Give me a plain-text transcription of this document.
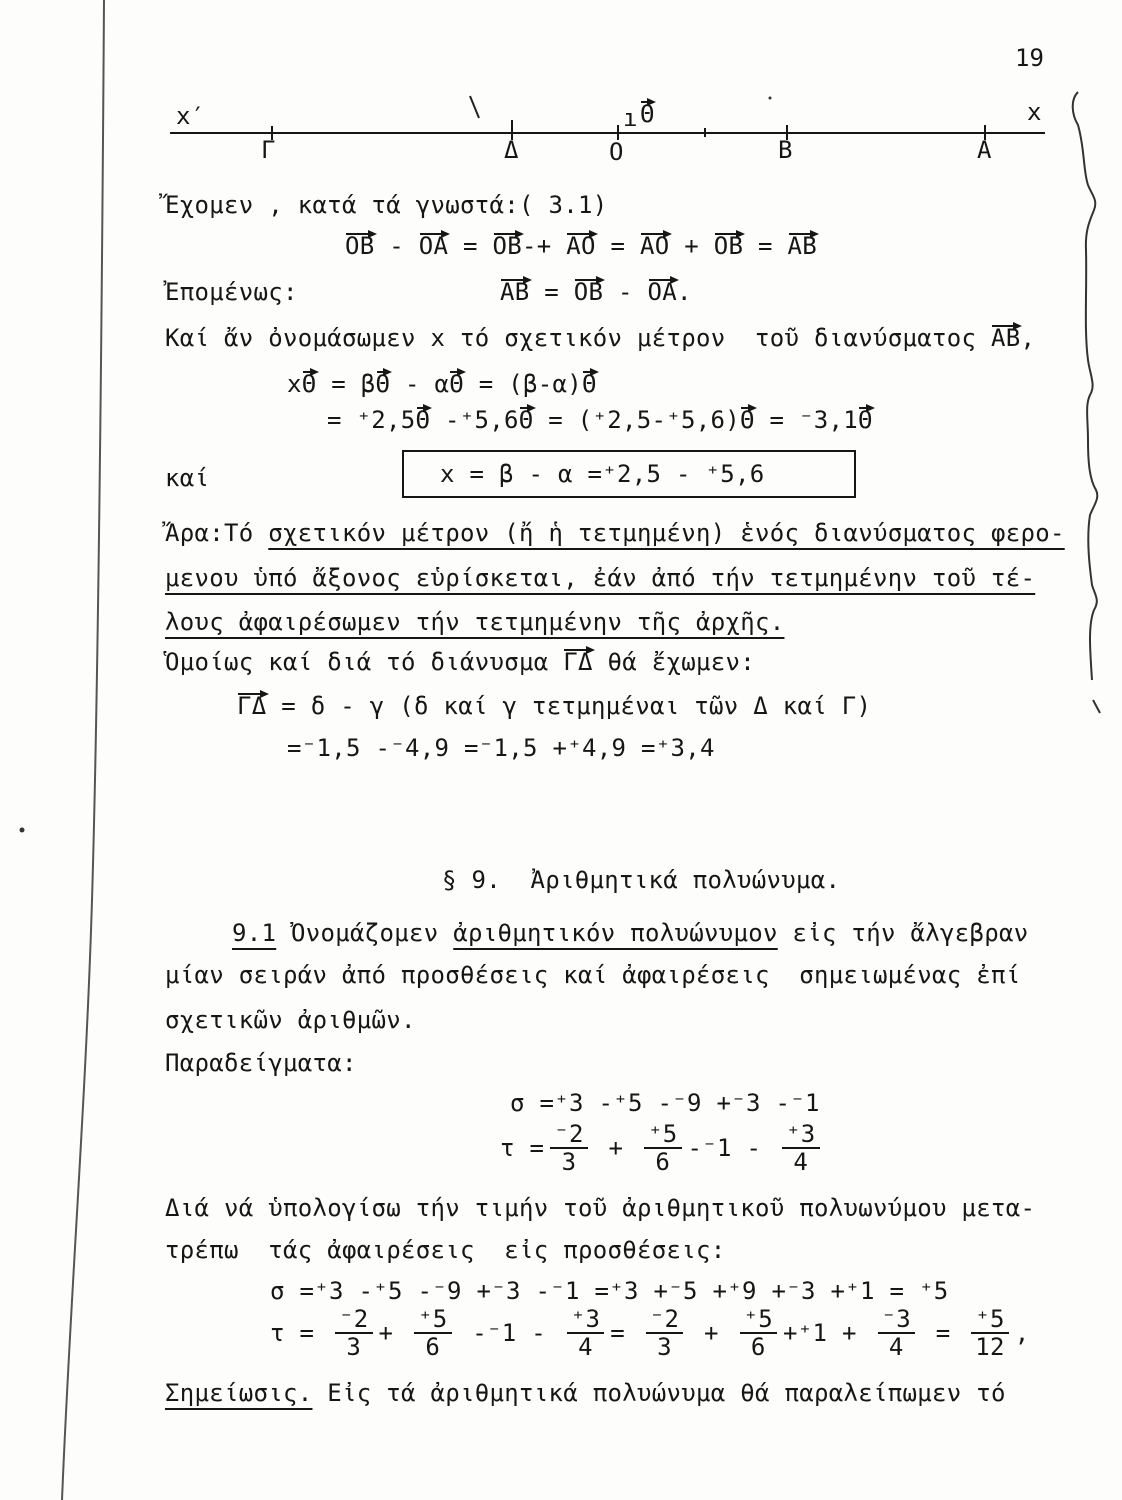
19
x′	x
ı Θ
Γ	Δ	O	B	A
Ἔχομεν , κατά τά γνωστά:( 3.1)
OB - OA = OB -+ AO = AO + OB = AB
Ἐπομένως:	AB = OB - OA .
Καί ἄν ὀνομάσωμεν x τό σχετικόν μέτρον  τοῦ διανύσματος AB ,
x Θ = β Θ - α Θ = (β-α) Θ
= ⁺2,5 Θ -⁺5,6 Θ = (⁺2,5-⁺5,6) Θ = ⁻3,1 Θ
καί	x = β - α =⁺2,5 - ⁺5,6
Ἄρα:Τό σχετικόν μέτρον (ἤ ἡ τετμημένη) ἑνός διανύσματος φερο-
μενου ὑπό ἄξονος εὑρίσκεται, ἐάν ἀπό τήν τετμημένην τοῦ τέ-
λους ἀφαιρέσωμεν τήν τετμημένην τῆς ἀρχῆς.
Ὁμοίως καί διά τό διάνυσμα ΓΔ θά ἔχωμεν:
ΓΔ = δ - γ (δ καί γ τετμημέναι τῶν Δ καί Γ)
=⁻1,5 -⁻4,9 =⁻1,5 +⁺4,9 =⁺3,4
§ 9.  Ἀριθμητικά πολυώνυμα.
9.1 Ὀνομάζομεν ἀριθμητικόν πολυώνυμον εἰς τήν ἄλγεβραν
μίαν σειράν ἀπό προσθέσεις καί ἀφαιρέσεις  σημειωμένας ἐπί
σχετικῶν ἀριθμῶν.
Παραδείγματα:
σ =⁺3 -⁺5 -⁻9 +⁻3 -⁻1
$\tau = \frac{^-2}{3} + \frac{^+5}{6} -^-1 - \frac{^+3}{4}$
Διά νά ὑπολογίσω τήν τιμήν τοῦ ἀριθμητικοῦ πολυωνύμου μετα-
τρέπω  τάς ἀφαιρέσεις  εἰς προσθέσεις:
σ =⁺3 -⁺5 -⁻9 +⁻3 -⁻1 =⁺3 +⁻5 +⁺9 +⁻3 +⁺1 = ⁺5
$\tau = \frac{^-2}{3} + \frac{^+5}{6} -^-1 - \frac{^+3}{4} = \frac{^-2}{3} + \frac{^+5}{6} +^+1 + \frac{^-3}{4} = \frac{^+5}{12}$ ,
Σημείωσις. Εἰς τά ἀριθμητικά πολυώνυμα θά παραλείπωμεν τό
